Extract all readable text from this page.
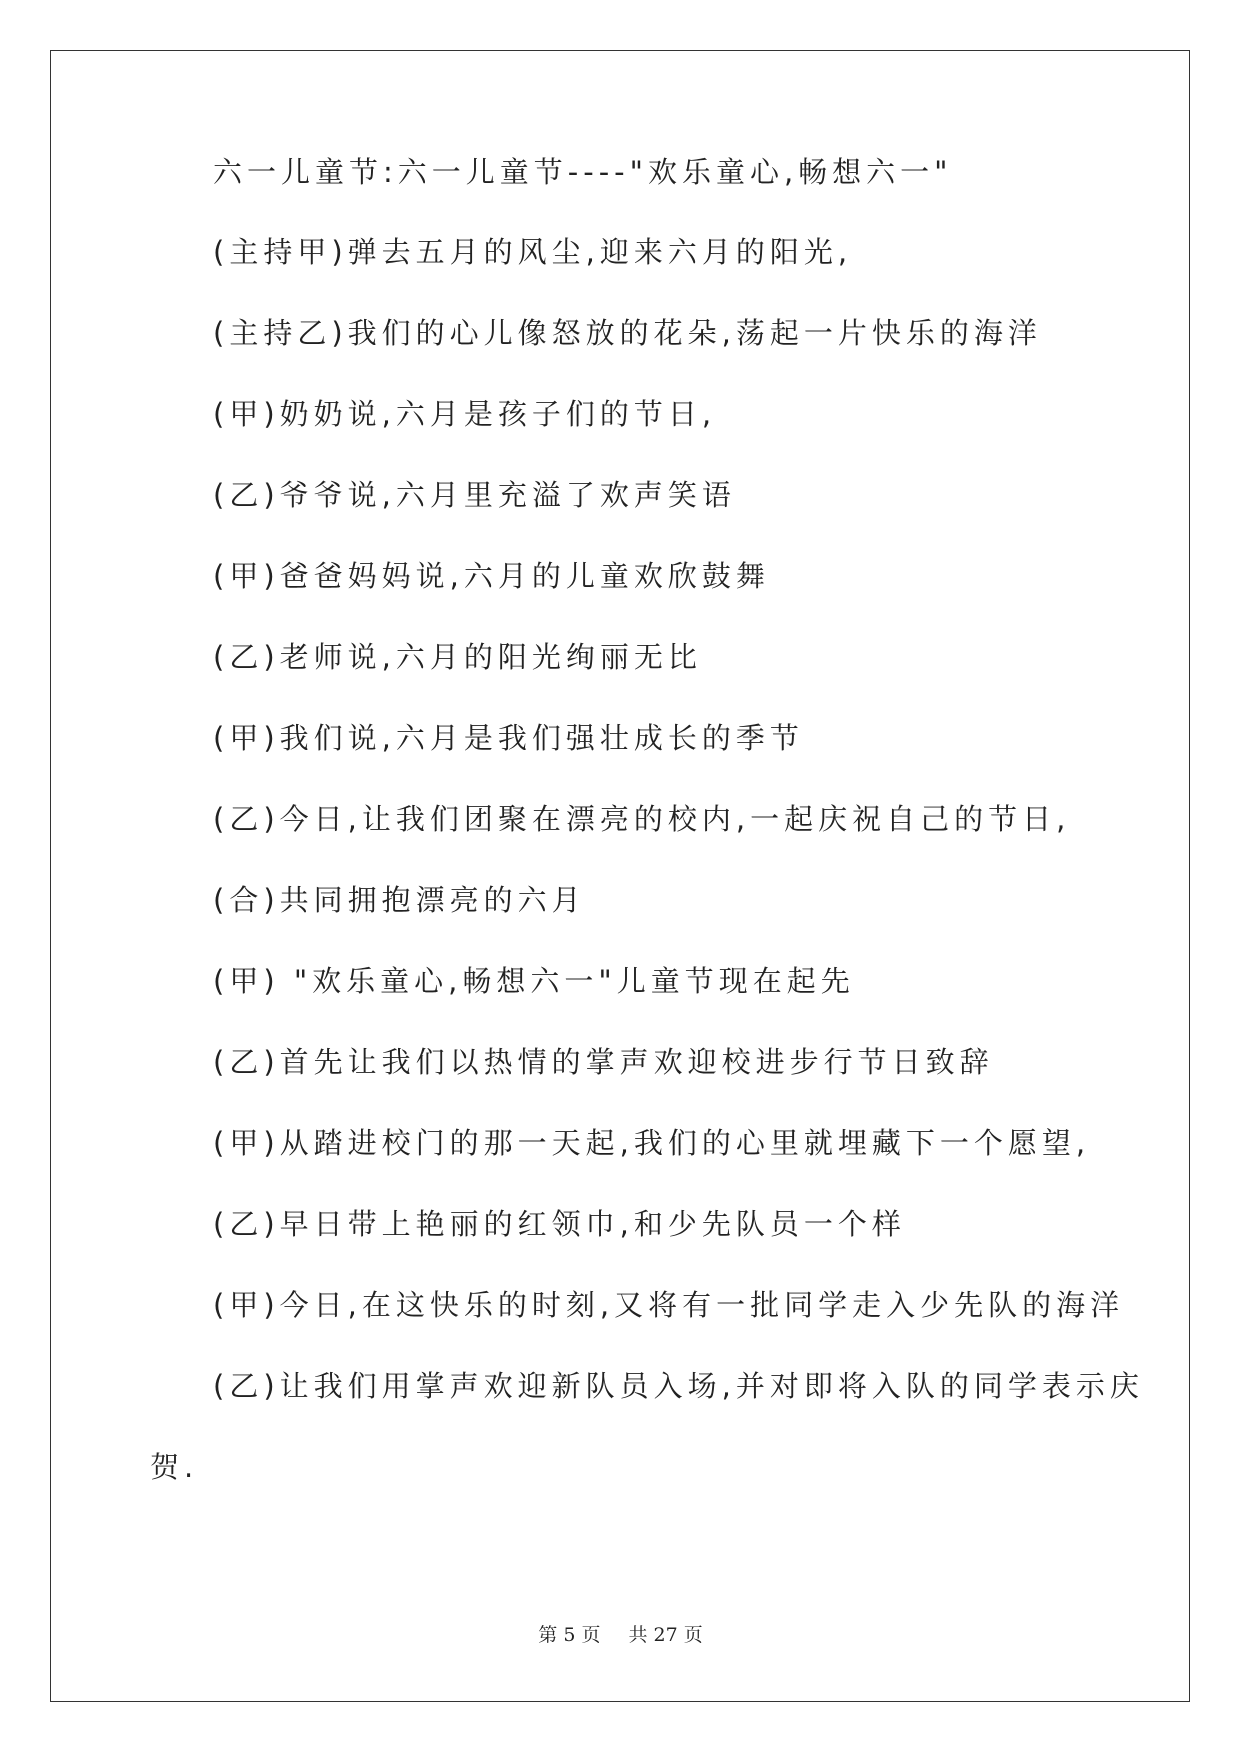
六一儿童节:六一儿童节----"欢乐童心,畅想六一"
(主持甲)弹去五月的风尘,迎来六月的阳光,
(主持乙)我们的心儿像怒放的花朵,荡起一片快乐的海洋
(甲)奶奶说,六月是孩子们的节日,
(乙)爷爷说,六月里充溢了欢声笑语
(甲)爸爸妈妈说,六月的儿童欢欣鼓舞
(乙)老师说,六月的阳光绚丽无比
(甲)我们说,六月是我们强壮成长的季节
(乙)今日,让我们团聚在漂亮的校内,一起庆祝自己的节日,
(合)共同拥抱漂亮的六月
(甲) "欢乐童心,畅想六一"儿童节现在起先
(乙)首先让我们以热情的掌声欢迎校进步行节日致辞
(甲)从踏进校门的那一天起,我们的心里就埋藏下一个愿望,
(乙)早日带上艳丽的红领巾,和少先队员一个样
(甲)今日,在这快乐的时刻,又将有一批同学走入少先队的海洋
(乙)让我们用掌声欢迎新队员入场,并对即将入队的同学表示庆
贺.
第 5 页 共 27 页
